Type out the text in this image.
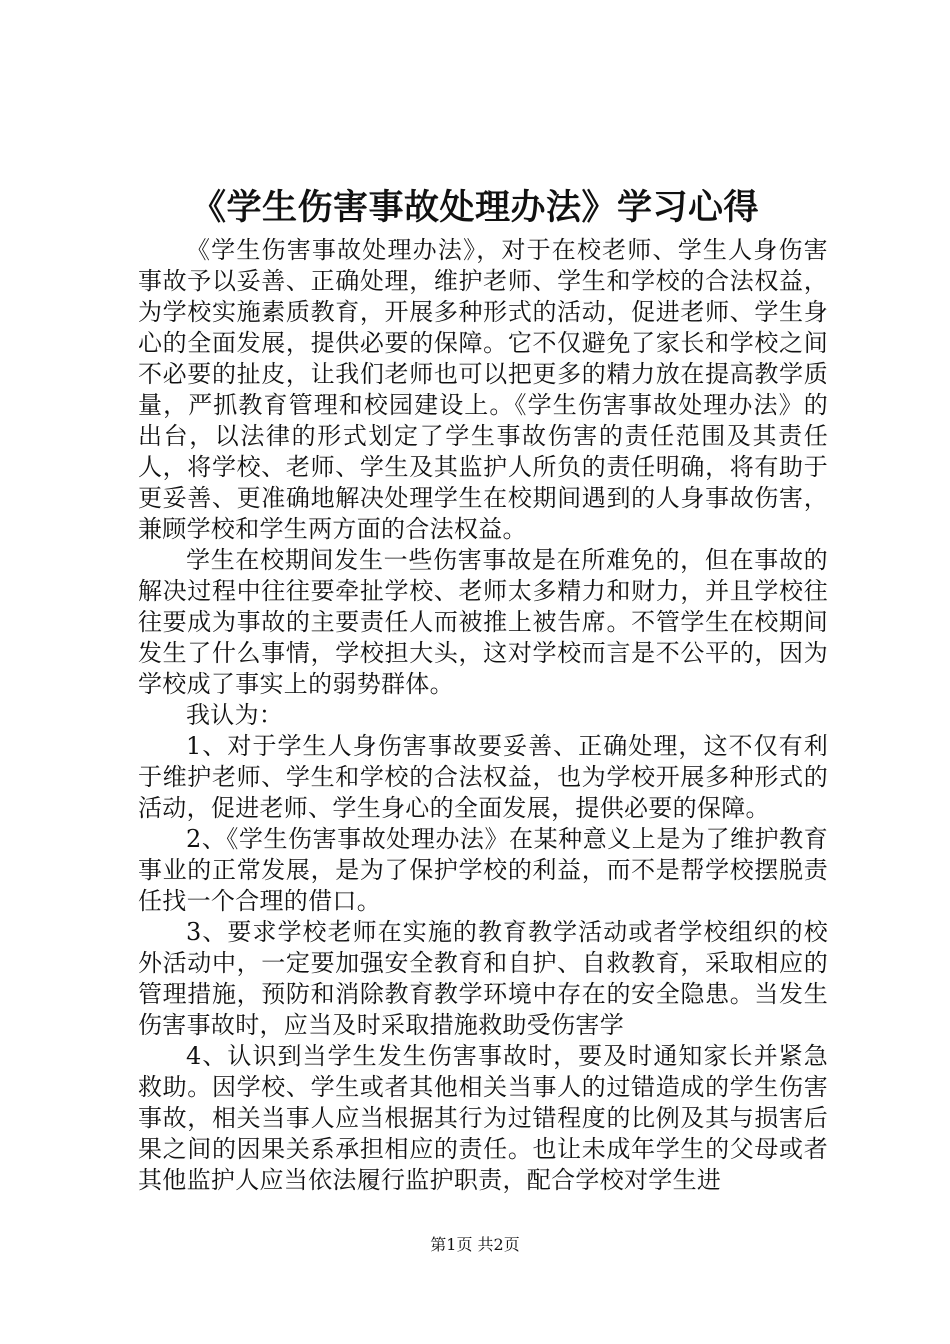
《学生伤害事故处理办法》学习心得

《学生伤害事故处理办法》，对于在校老师、学生人身伤害事故予以妥善、正确处理，维护老师、学生和学校的合法权益，为学校实施素质教育，开展多种形式的活动，促进老师、学生身心的全面发展，提供必要的保障。它不仅避免了家长和学校之间不必要的扯皮，让我们老师也可以把更多的精力放在提高教学质量，严抓教育管理和校园建设上。《学生伤害事故处理办法》的出台，以法律的形式划定了学生事故伤害的责任范围及其责任人，将学校、老师、学生及其监护人所负的责任明确，将有助于更妥善、更准确地解决处理学生在校期间遇到的人身事故伤害，兼顾学校和学生两方面的合法权益。

学生在校期间发生一些伤害事故是在所难免的，但在事故的解决过程中往往要牵扯学校、老师太多精力和财力，并且学校往往要成为事故的主要责任人而被推上被告席。不管学生在校期间发生了什么事情，学校担大头，这对学校而言是不公平的，因为学校成了事实上的弱势群体。

我认为：

1、对于学生人身伤害事故要妥善、正确处理，这不仅有利于维护老师、学生和学校的合法权益，也为学校开展多种形式的活动，促进老师、学生身心的全面发展，提供必要的保障。

2、《学生伤害事故处理办法》在某种意义上是为了维护教育事业的正常发展，是为了保护学校的利益，而不是帮学校摆脱责任找一个合理的借口。

3、要求学校老师在实施的教育教学活动或者学校组织的校外活动中，一定要加强安全教育和自护、自救教育，采取相应的管理措施，预防和消除教育教学环境中存在的安全隐患。当发生伤害事故时，应当及时采取措施救助受伤害学

4、认识到当学生发生伤害事故时，要及时通知家长并紧急救助。因学校、学生或者其他相关当事人的过错造成的学生伤害事故，相关当事人应当根据其行为过错程度的比例及其与损害后果之间的因果关系承担相应的责任。也让未成年学生的父母或者其他监护人应当依法履行监护职责，配合学校对学生进

第1页 共2页
